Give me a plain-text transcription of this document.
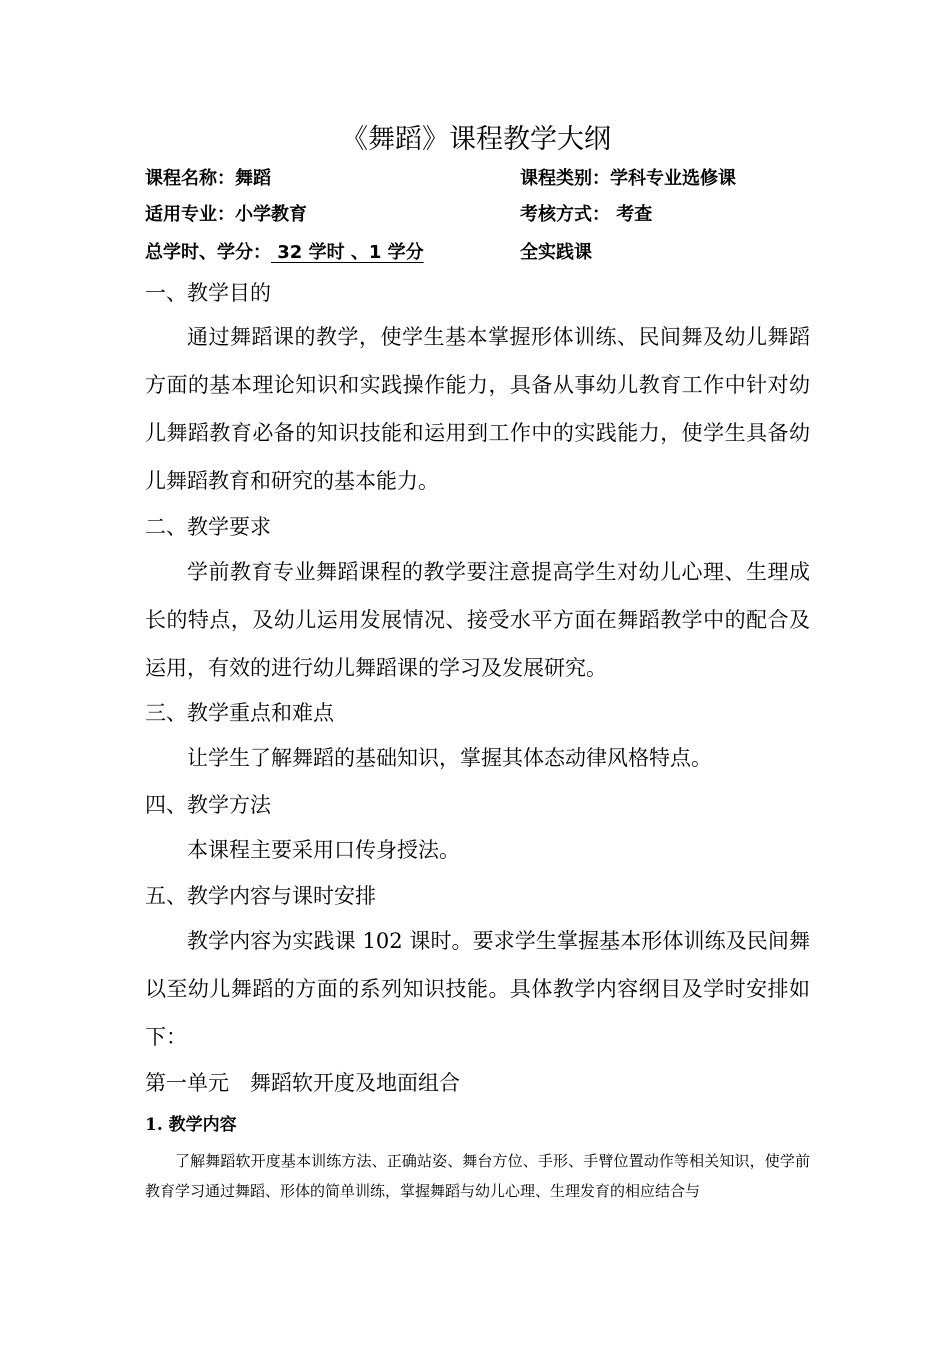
《舞蹈》课程教学大纲
课程名称：舞蹈	课程类别：学科专业选修课
适用专业：小学教育	考核方式： 考查
总学时、学分： 32 学时 、1 学分	全实践课
一、教学目的

通过舞蹈课的教学，使学生基本掌握形体训练、民间舞及幼儿舞蹈方面的基本理论知识和实践操作能力，具备从事幼儿教育工作中针对幼儿舞蹈教育必备的知识技能和运用到工作中的实践能力，使学生具备幼儿舞蹈教育和研究的基本能力。

二、教学要求

学前教育专业舞蹈课程的教学要注意提高学生对幼儿心理、生理成长的特点，及幼儿运用发展情况、接受水平方面在舞蹈教学中的配合及运用，有效的进行幼儿舞蹈课的学习及发展研究。

三、教学重点和难点

让学生了解舞蹈的基础知识，掌握其体态动律风格特点。

四、教学方法

本课程主要采用口传身授法。

五、教学内容与课时安排

教学内容为实践课 102 课时。要求学生掌握基本形体训练及民间舞以至幼儿舞蹈的方面的系列知识技能。具体教学内容纲目及学时安排如下：

第一单元　舞蹈软开度及地面组合
1. 教学内容

了解舞蹈软开度基本训练方法、正确站姿、舞台方位、手形、手臂位置动作等相关知识，使学前教育学习通过舞蹈、形体的简单训练，掌握舞蹈与幼儿心理、生理发育的相应结合与
